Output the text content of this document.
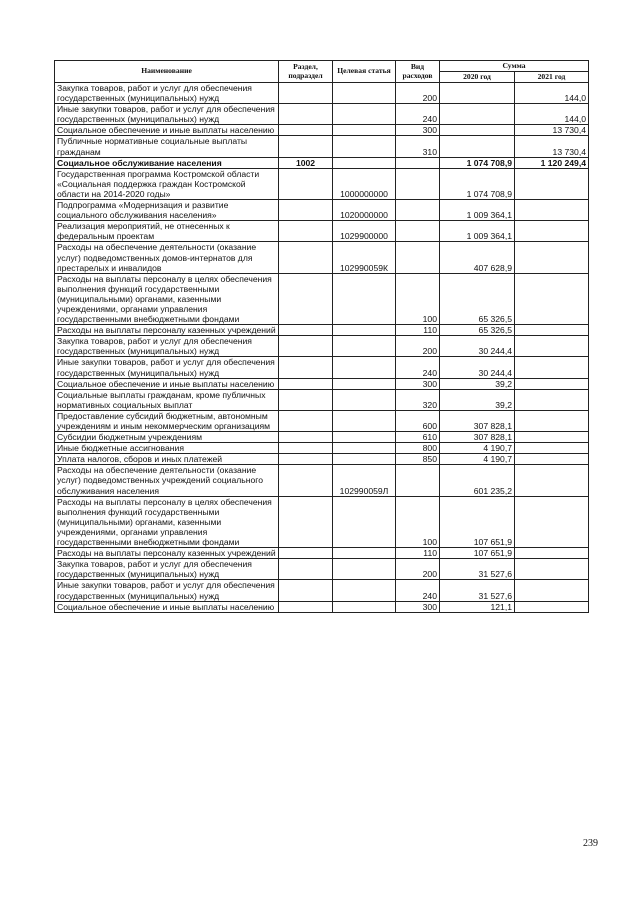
Наименование	Раздел, подраздел	Целевая статья	Вид расходов	Сумма	
				2020 год	2021 год
Закупка товаров, работ и услуг для обеспечения государственных (муниципальных) нужд			200		144,0
Иные закупки товаров, работ и услуг для обеспечения государственных (муниципальных) нужд			240		144,0
Социальное обеспечение и иные выплаты населению			300		13 730,4
Публичные нормативные социальные выплаты гражданам			310		13 730,4
Социальное обслуживание населения	1002			1 074 708,9	1 120 249,4
Государственная программа Костромской области «Социальная поддержка граждан Костромской области на 2014-2020 годы»		1000000000		1 074 708,9	
Подпрограмма «Модернизация и развитие социального обслуживания населения»		1020000000		1 009 364,1	
Реализация мероприятий, не отнесенных к федеральным проектам		1029900000		1 009 364,1	
Расходы на обеспечение деятельности (оказание услуг) подведомственных домов-интернатов для престарелых и инвалидов		102990059К		407 628,9	
Расходы на выплаты персоналу в целях обеспечения выполнения функций государственными (муниципальными) органами, казенными учреждениями, органами управления государственными внебюджетными фондами			100	65 326,5	
Расходы на выплаты персоналу казенных учреждений			110	65 326,5	
Закупка товаров, работ и услуг для обеспечения государственных (муниципальных) нужд			200	30 244,4	
Иные закупки товаров, работ и услуг для обеспечения государственных (муниципальных) нужд			240	30 244,4	
Социальное обеспечение и иные выплаты населению			300	39,2	
Социальные выплаты гражданам, кроме публичных нормативных социальных выплат			320	39,2	
Предоставление субсидий бюджетным, автономным учреждениям и иным некоммерческим организациям			600	307 828,1	
Субсидии бюджетным учреждениям			610	307 828,1	
Иные бюджетные ассигнования			800	4 190,7	
Уплата налогов, сборов и иных платежей			850	4 190,7	
Расходы на обеспечение деятельности (оказание услуг) подведомственных учреждений социального обслуживания населения		102990059Л		601 235,2	
Расходы на выплаты персоналу в целях обеспечения выполнения функций государственными (муниципальными) органами, казенными учреждениями, органами управления государственными внебюджетными фондами			100	107 651,9	
Расходы на выплаты персоналу казенных учреждений			110	107 651,9	
Закупка товаров, работ и услуг для обеспечения государственных (муниципальных) нужд			200	31 527,6	
Иные закупки товаров, работ и услуг для обеспечения государственных (муниципальных) нужд			240	31 527,6	
Социальное обеспечение и иные выплаты населению			300	121,1	
239
